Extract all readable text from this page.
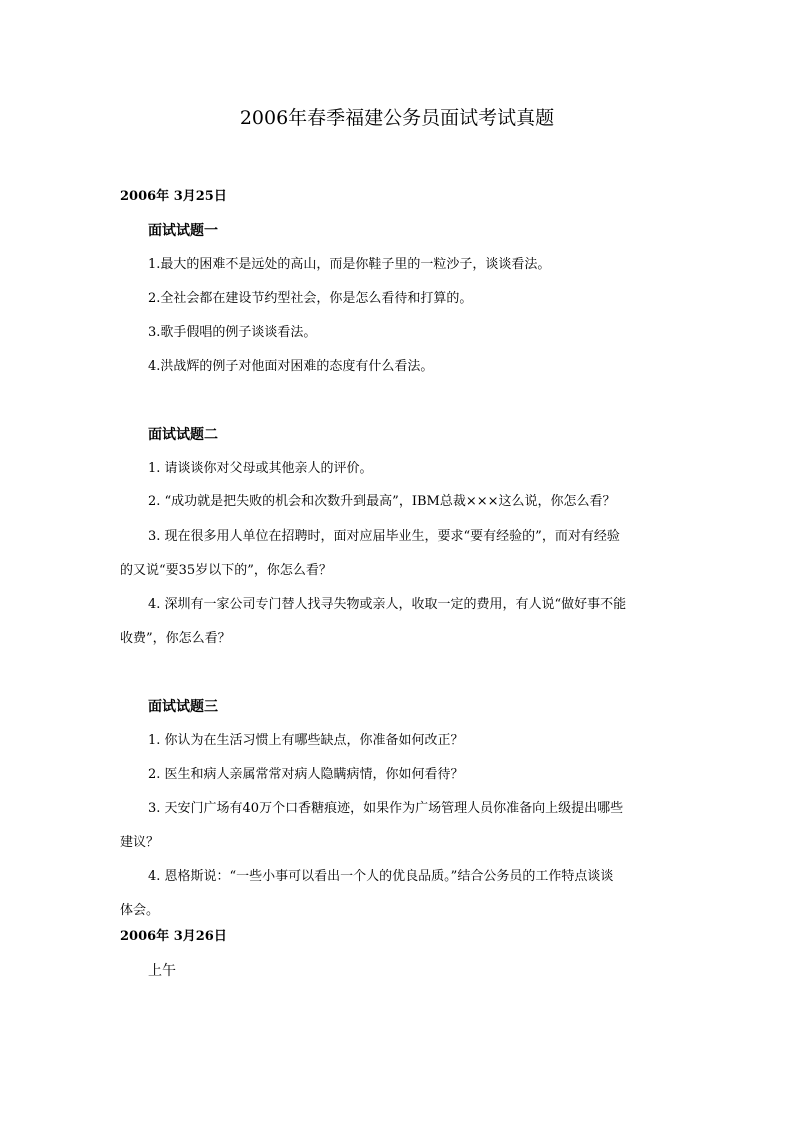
2006年春季福建公务员面试考试真题
2006年 3月25日
面试试题一
1.最大的困难不是远处的高山，而是你鞋子里的一粒沙子，谈谈看法。
2.全社会都在建设节约型社会，你是怎么看待和打算的。
3.歌手假唱的例子谈谈看法。
4.洪战辉的例子对他面对困难的态度有什么看法。
面试试题二
1. 请谈谈你对父母或其他亲人的评价。
2. “成功就是把失败的机会和次数升到最高”，IBM总裁×××这么说，你怎么看？
3. 现在很多用人单位在招聘时，面对应届毕业生，要求“要有经验的”，而对有经验
的又说“要35岁以下的”，你怎么看？
4. 深圳有一家公司专门替人找寻失物或亲人，收取一定的费用，有人说“做好事不能
收费”，你怎么看？
面试试题三
1. 你认为在生活习惯上有哪些缺点，你准备如何改正？
2. 医生和病人亲属常常对病人隐瞒病情，你如何看待？
3. 天安门广场有40万个口香糖痕迹，如果作为广场管理人员你准备向上级提出哪些
建议？
4. 恩格斯说：“一些小事可以看出一个人的优良品质。”结合公务员的工作特点谈谈
体会。
2006年 3月26日
上午
